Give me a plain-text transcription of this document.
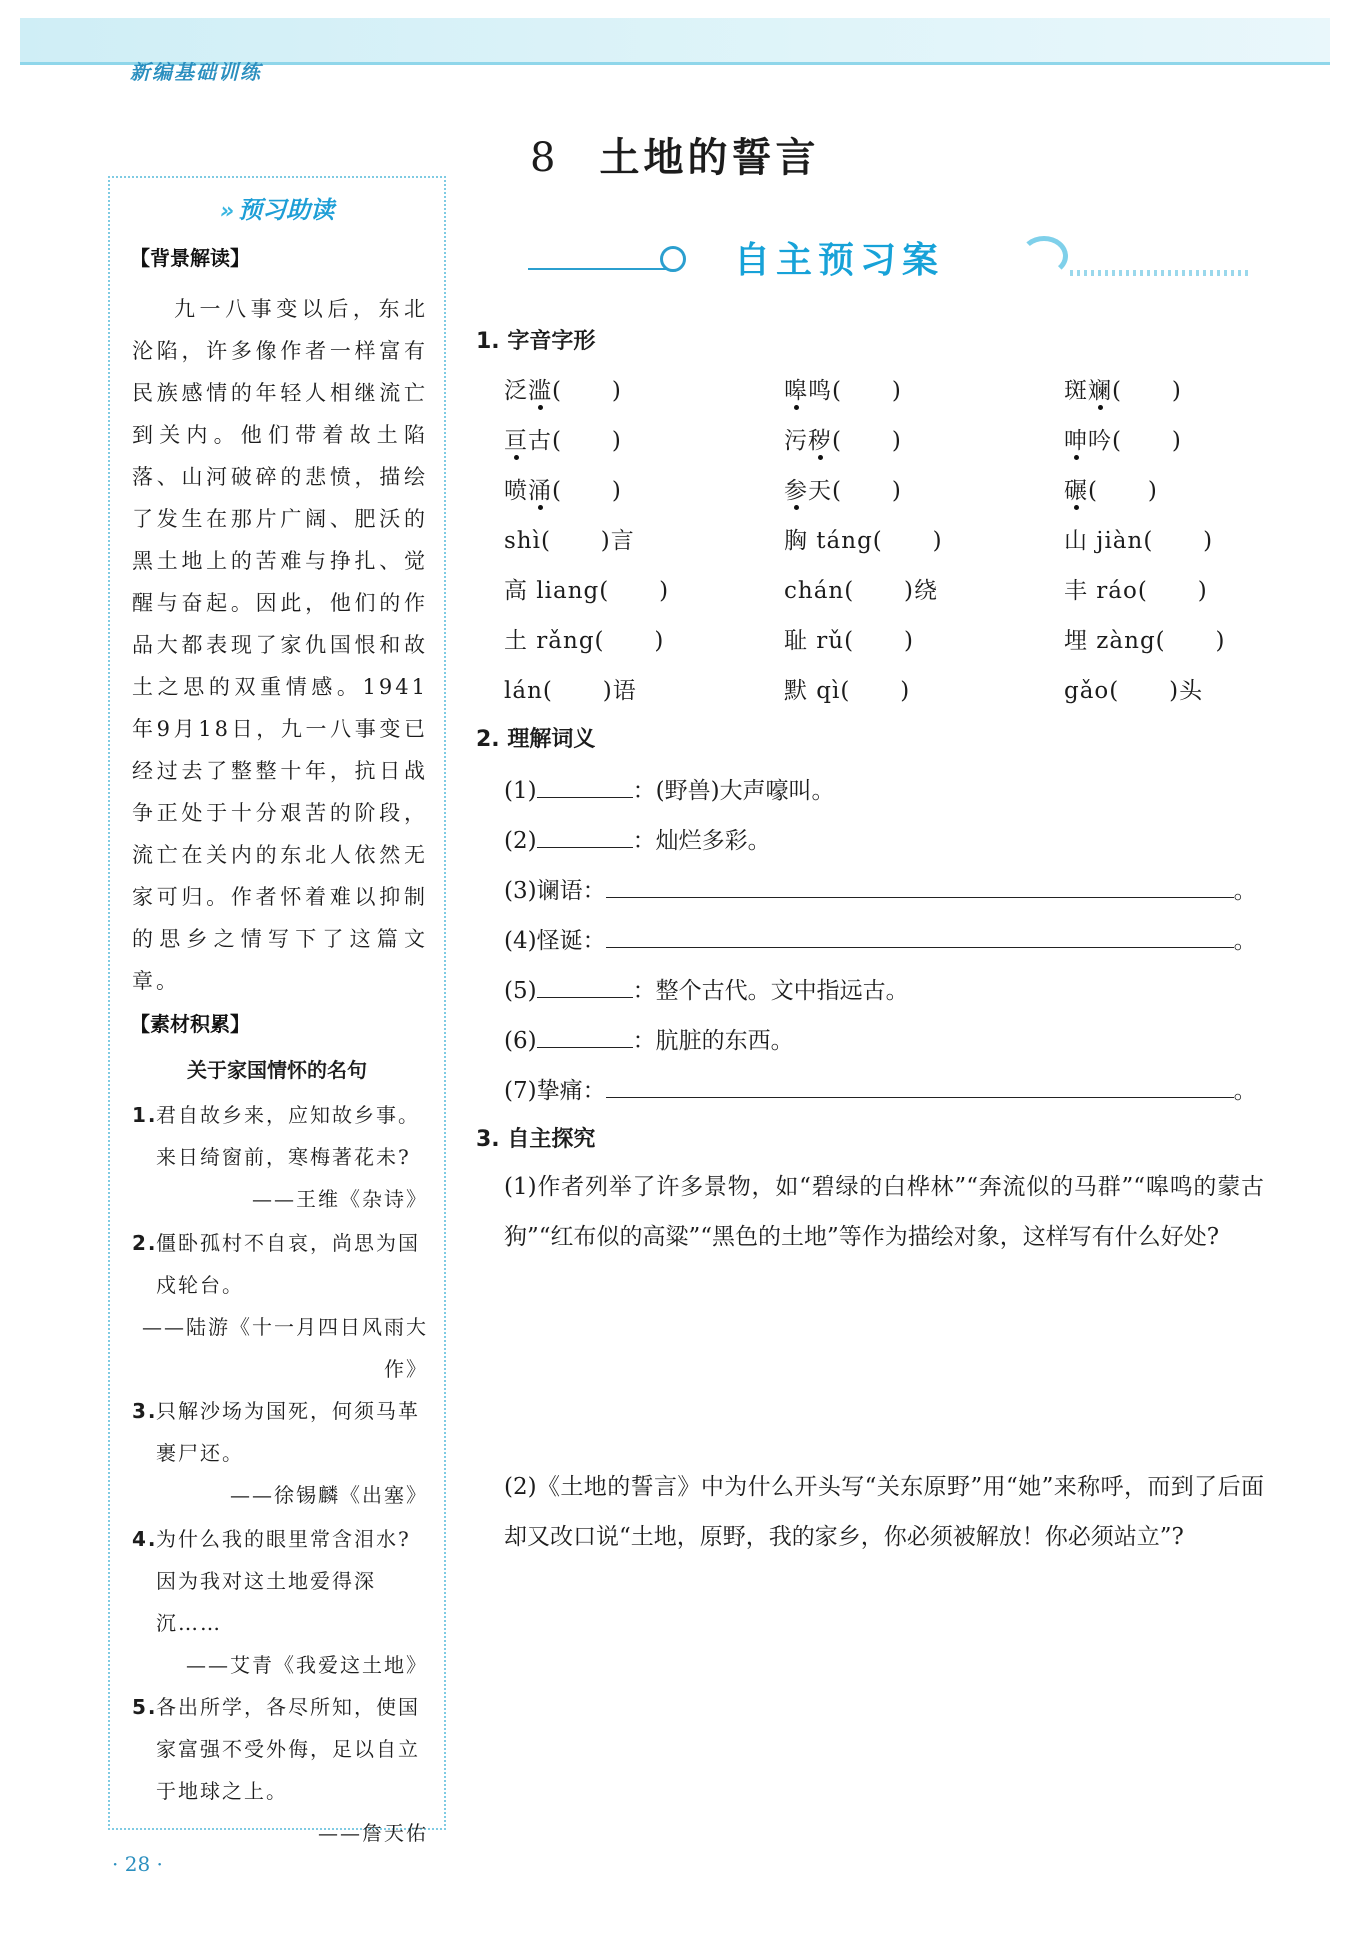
新编基础训练
» 预习助读
【背景解读】
九一八事变以后，东北沦陷，许多像作者一样富有民族感情的年轻人相继流亡到关内。他们带着故土陷落、山河破碎的悲愤，描绘了发生在那片广阔、肥沃的黑土地上的苦难与挣扎、觉醒与奋起。因此，他们的作品大都表现了家仇国恨和故土之思的双重情感。1941年9月18日，九一八事变已经过去了整整十年，抗日战争正处于十分艰苦的阶段，流亡在关内的东北人依然无家可归。作者怀着难以抑制的思乡之情写下了这篇文章。
【素材积累】
关于家国情怀的名句
1.
君自故乡来，应知故乡事。来日绮窗前，寒梅著花未?
——王维《杂诗》
2.
僵卧孤村不自哀，尚思为国戍轮台。
——陆游《十一月四日风雨大作》
3.
只解沙场为国死，何须马革裹尸还。
——徐锡麟《出塞》
4.
为什么我的眼里常含泪水?因为我对这土地爱得深沉……
——艾青《我爱这土地》
5.
各出所学，各尽所知，使国家富强不受外侮，足以自立于地球之上。
——詹天佑
· 28 ·
8 土地的誓言
自主预习案
1. 字音字形
泛滥(      )	嗥鸣(      )	斑斓(      )
亘古(      )	污秽(      )	呻吟(      )
喷涌(      )	参天(      )	碾(      )
shì(      )言	胸 táng(      )	山 jiàn(      )
高 liang(      )	chán(      )绕	丰 ráo(      )
土 rǎng(      )	耻 rǔ(      )	埋 zàng(      )
lán(      )语	默 qì(      )	gǎo(      )头
2. 理解词义
(1)	：(野兽)大声嚎叫。
(2)	：灿烂多彩。
(3)谰语：	。
(4)怪诞：	。
(5)	：整个古代。文中指远古。
(6)	：肮脏的东西。
(7)挚痛：	。
3. 自主探究
(1)作者列举了许多景物，如“碧绿的白桦林”“奔流似的马群”“嗥鸣的蒙古狗”“红布似的高粱”“黑色的土地”等作为描绘对象，这样写有什么好处?
(2)《土地的誓言》中为什么开头写“关东原野”用“她”来称呼，而到了后面却又改口说“土地，原野，我的家乡，你必须被解放！你必须站立”?
